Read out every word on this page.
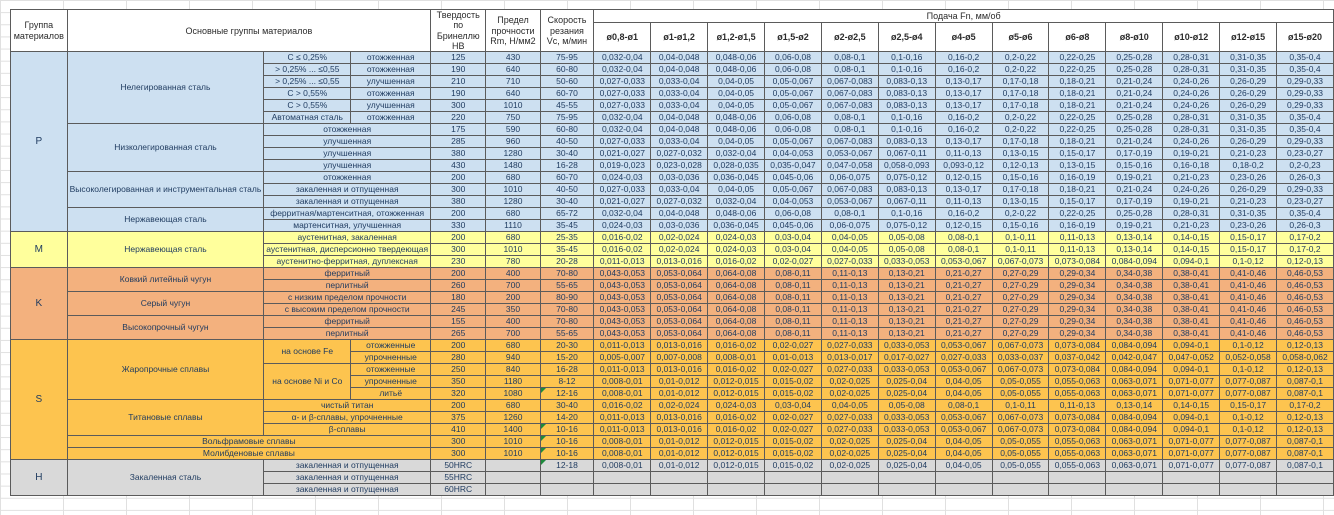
Группа материалов	Основные группы материалов			Твердость по Бринеллю HB	Предел прочности Rm, Н/мм2	Скорость резания Vc, м/мин	Подача Fn, мм/об												
							ø0,8-ø1	ø1-ø1,2	ø1,2-ø1,5	ø1,5-ø2	ø2-ø2,5	ø2,5-ø4	ø4-ø5	ø5-ø6	ø6-ø8	ø8-ø10	ø10-ø12	ø12-ø15	ø15-ø20
P	Нелегированная сталь	C ≤ 0,25%	отожженная	125	430	75-95	0,032-0,04	0,04-0,048	0,048-0,06	0,06-0,08	0,08-0,1	0,1-0,16	0,16-0,2	0,2-0,22	0,22-0,25	0,25-0,28	0,28-0,31	0,31-0,35	0,35-0,4
		> 0,25% ... ≤0,55	отожженная	190	640	60-80	0,032-0,04	0,04-0,048	0,048-0,06	0,06-0,08	0,08-0,1	0,1-0,16	0,16-0,2	0,2-0,22	0,22-0,25	0,25-0,28	0,28-0,31	0,31-0,35	0,35-0,4
		> 0,25% ... ≤0,55	улучшенная	210	710	50-60	0,027-0,033	0,033-0,04	0,04-0,05	0,05-0,067	0,067-0,083	0,083-0,13	0,13-0,17	0,17-0,18	0,18-0,21	0,21-0,24	0,24-0,26	0,26-0,29	0,29-0,33
		C > 0,55%	отожженная	190	640	60-70	0,027-0,033	0,033-0,04	0,04-0,05	0,05-0,067	0,067-0,083	0,083-0,13	0,13-0,17	0,17-0,18	0,18-0,21	0,21-0,24	0,24-0,26	0,26-0,29	0,29-0,33
		C > 0,55%	улучшенная	300	1010	45-55	0,027-0,033	0,033-0,04	0,04-0,05	0,05-0,067	0,067-0,083	0,083-0,13	0,13-0,17	0,17-0,18	0,18-0,21	0,21-0,24	0,24-0,26	0,26-0,29	0,29-0,33
		Автоматная сталь	отожженная	220	750	75-95	0,032-0,04	0,04-0,048	0,048-0,06	0,06-0,08	0,08-0,1	0,1-0,16	0,16-0,2	0,2-0,22	0,22-0,25	0,25-0,28	0,28-0,31	0,31-0,35	0,35-0,4
	Низколегированная сталь	отожженная		175	590	60-80	0,032-0,04	0,04-0,048	0,048-0,06	0,06-0,08	0,08-0,1	0,1-0,16	0,16-0,2	0,2-0,22	0,22-0,25	0,25-0,28	0,28-0,31	0,31-0,35	0,35-0,4
		улучшенная		285	960	40-50	0,027-0,033	0,033-0,04	0,04-0,05	0,05-0,067	0,067-0,083	0,083-0,13	0,13-0,17	0,17-0,18	0,18-0,21	0,21-0,24	0,24-0,26	0,26-0,29	0,29-0,33
		улучшенная		380	1280	30-40	0,021-0,027	0,027-0,032	0,032-0,04	0,04-0,053	0,053-0,067	0,067-0,11	0,11-0,13	0,13-0,15	0,15-0,17	0,17-0,19	0,19-0,21	0,21-0,23	0,23-0,27
		улучшенная		430	1480	16-28	0,019-0,023	0,023-0,028	0,028-0,035	0,035-0,047	0,047-0,058	0,058-0,093	0,093-0,12	0,12-0,13	0,13-0,15	0,15-0,16	0,16-0,18	0,18-0,2	0,2-0,23
	Высоколегированная и инструментальная сталь	отожженная		200	680	60-70	0,024-0,03	0,03-0,036	0,036-0,045	0,045-0,06	0,06-0,075	0,075-0,12	0,12-0,15	0,15-0,16	0,16-0,19	0,19-0,21	0,21-0,23	0,23-0,26	0,26-0,3
		закаленная и отпущенная		300	1010	40-50	0,027-0,033	0,033-0,04	0,04-0,05	0,05-0,067	0,067-0,083	0,083-0,13	0,13-0,17	0,17-0,18	0,18-0,21	0,21-0,24	0,24-0,26	0,26-0,29	0,29-0,33
		закаленная и отпущенная		380	1280	30-40	0,021-0,027	0,027-0,032	0,032-0,04	0,04-0,053	0,053-0,067	0,067-0,11	0,11-0,13	0,13-0,15	0,15-0,17	0,17-0,19	0,19-0,21	0,21-0,23	0,23-0,27
	Нержавеющая сталь	ферритная/мартенситная, отожженная		200	680	65-72	0,032-0,04	0,04-0,048	0,048-0,06	0,06-0,08	0,08-0,1	0,1-0,16	0,16-0,2	0,2-0,22	0,22-0,25	0,25-0,28	0,28-0,31	0,31-0,35	0,35-0,4
		мартенситная, улучшенная		330	1110	35-45	0,024-0,03	0,03-0,036	0,036-0,045	0,045-0,06	0,06-0,075	0,075-0,12	0,12-0,15	0,15-0,16	0,16-0,19	0,19-0,21	0,21-0,23	0,23-0,26	0,26-0,3
M	Нержавеющая сталь	аустенитная, закаленная		200	680	25-35	0,016-0,02	0,02-0,024	0,024-0,03	0,03-0,04	0,04-0,05	0,05-0,08	0,08-0,1	0,1-0,11	0,11-0,13	0,13-0,14	0,14-0,15	0,15-0,17	0,17-0,2
		аустенитная, дисперсионно твердеющая		300	1010	35-45	0,016-0,02	0,02-0,024	0,024-0,03	0,03-0,04	0,04-0,05	0,05-0,08	0,08-0,1	0,1-0,11	0,11-0,13	0,13-0,14	0,14-0,15	0,15-0,17	0,17-0,2
		аустенитно-ферритная, дуплексная		230	780	20-28	0,011-0,013	0,013-0,016	0,016-0,02	0,02-0,027	0,027-0,033	0,033-0,053	0,053-0,067	0,067-0,073	0,073-0,084	0,084-0,094	0,094-0,1	0,1-0,12	0,12-0,13
K	Ковкий литейный чугун	ферритный		200	400	70-80	0,043-0,053	0,053-0,064	0,064-0,08	0,08-0,11	0,11-0,13	0,13-0,21	0,21-0,27	0,27-0,29	0,29-0,34	0,34-0,38	0,38-0,41	0,41-0,46	0,46-0,53
		перлитный		260	700	55-65	0,043-0,053	0,053-0,064	0,064-0,08	0,08-0,11	0,11-0,13	0,13-0,21	0,21-0,27	0,27-0,29	0,29-0,34	0,34-0,38	0,38-0,41	0,41-0,46	0,46-0,53
	Серый чугун	с низким пределом прочности		180	200	80-90	0,043-0,053	0,053-0,064	0,064-0,08	0,08-0,11	0,11-0,13	0,13-0,21	0,21-0,27	0,27-0,29	0,29-0,34	0,34-0,38	0,38-0,41	0,41-0,46	0,46-0,53
		с высоким пределом прочности		245	350	70-80	0,043-0,053	0,053-0,064	0,064-0,08	0,08-0,11	0,11-0,13	0,13-0,21	0,21-0,27	0,27-0,29	0,29-0,34	0,34-0,38	0,38-0,41	0,41-0,46	0,46-0,53
	Высокопрочный чугун	ферритный		155	400	70-80	0,043-0,053	0,053-0,064	0,064-0,08	0,08-0,11	0,11-0,13	0,13-0,21	0,21-0,27	0,27-0,29	0,29-0,34	0,34-0,38	0,38-0,41	0,41-0,46	0,46-0,53
		перлитный		265	700	55-65	0,043-0,053	0,053-0,064	0,064-0,08	0,08-0,11	0,11-0,13	0,13-0,21	0,21-0,27	0,27-0,29	0,29-0,34	0,34-0,38	0,38-0,41	0,41-0,46	0,46-0,53
S	Жаропрочные сплавы	на основе Fe	отожженные	200	680	20-30	0,011-0,013	0,013-0,016	0,016-0,02	0,02-0,027	0,027-0,033	0,033-0,053	0,053-0,067	0,067-0,073	0,073-0,084	0,084-0,094	0,094-0,1	0,1-0,12	0,12-0,13
			упрочненные	280	940	15-20	0,005-0,007	0,007-0,008	0,008-0,01	0,01-0,013	0,013-0,017	0,017-0,027	0,027-0,033	0,033-0,037	0,037-0,042	0,042-0,047	0,047-0,052	0,052-0,058	0,058-0,062
		на основе Ni и Co	отожженные	250	840	16-28	0,011-0,013	0,013-0,016	0,016-0,02	0,02-0,027	0,027-0,033	0,033-0,053	0,053-0,067	0,067-0,073	0,073-0,084	0,084-0,094	0,094-0,1	0,1-0,12	0,12-0,13
			упрочненные	350	1180	8-12	0,008-0,01	0,01-0,012	0,012-0,015	0,015-0,02	0,02-0,025	0,025-0,04	0,04-0,05	0,05-0,055	0,055-0,063	0,063-0,071	0,071-0,077	0,077-0,087	0,087-0,1
			литьё	320	1080	12-16	0,008-0,01	0,01-0,012	0,012-0,015	0,015-0,02	0,02-0,025	0,025-0,04	0,04-0,05	0,05-0,055	0,055-0,063	0,063-0,071	0,071-0,077	0,077-0,087	0,087-0,1
	Титановые сплавы	чистый титан		200	680	30-40	0,016-0,02	0,02-0,024	0,024-0,03	0,03-0,04	0,04-0,05	0,05-0,08	0,08-0,1	0,1-0,11	0,11-0,13	0,13-0,14	0,14-0,15	0,15-0,17	0,17-0,2
		α- и β-сплавы, упрочненные		375	1260	14-20	0,011-0,013	0,013-0,016	0,016-0,02	0,02-0,027	0,027-0,033	0,033-0,053	0,053-0,067	0,067-0,073	0,073-0,084	0,084-0,094	0,094-0,1	0,1-0,12	0,12-0,13
		β-сплавы		410	1400	10-16	0,011-0,013	0,013-0,016	0,016-0,02	0,02-0,027	0,027-0,033	0,033-0,053	0,053-0,067	0,067-0,073	0,073-0,084	0,084-0,094	0,094-0,1	0,1-0,12	0,12-0,13
	Вольфрамовые сплавы			300	1010	10-16	0,008-0,01	0,01-0,012	0,012-0,015	0,015-0,02	0,02-0,025	0,025-0,04	0,04-0,05	0,05-0,055	0,055-0,063	0,063-0,071	0,071-0,077	0,077-0,087	0,087-0,1
	Молибденовые сплавы			300	1010	10-16	0,008-0,01	0,01-0,012	0,012-0,015	0,015-0,02	0,02-0,025	0,025-0,04	0,04-0,05	0,05-0,055	0,055-0,063	0,063-0,071	0,071-0,077	0,077-0,087	0,087-0,1
H	Закаленная сталь	закаленная и отпущенная		50HRC		12-18	0,008-0,01	0,01-0,012	0,012-0,015	0,015-0,02	0,02-0,025	0,025-0,04	0,04-0,05	0,05-0,055	0,055-0,063	0,063-0,071	0,071-0,077	0,077-0,087	0,087-0,1
		закаленная и отпущенная		55HRC															
		закаленная и отпущенная		60HRC															
